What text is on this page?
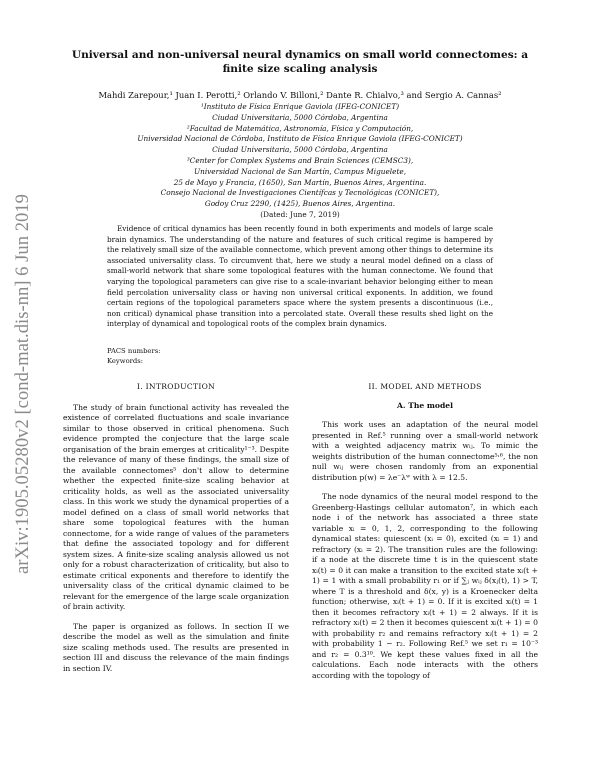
arXiv:1905.05280v2 [cond-mat.dis-nn] 6 Jun 2019
Universal and non-universal neural dynamics on small world connectomes: a finite size scaling analysis
Mahdi Zarepour,¹ Juan I. Perotti,² Orlando V. Billoni,² Dante R. Chialvo,³ and Sergio A. Cannas²
¹Instituto de Física Enrique Gaviola (IFEG-CONICET)
Ciudad Universitaria, 5000 Córdoba, Argentina
²Facultad de Matemática, Astronomía, Física y Computación,
Universidad Nacional de Córdoba, Instituto de Física Enrique Gaviola (IFEG-CONICET)
Ciudad Universitaria, 5000 Córdoba, Argentina
³Center for Complex Systems and Brain Sciences (CEMSC3),
Universidad Nacional de San Martín, Campus Miguelete,
25 de Mayo y Francia, (1650), San Martín, Buenos Aires, Argentina.
Consejo Nacional de Investigaciones Científcas y Tecnológicas (CONICET),
Godoy Cruz 2290, (1425), Buenos Aires, Argentina.
(Dated: June 7, 2019)
Evidence of critical dynamics has been recently found in both experiments and models of large scale brain dynamics. The understanding of the nature and features of such critical regime is hampered by the relatively small size of the available connectome, which prevent among other things to determine its associated universality class. To circumvent that, here we study a neural model defined on a class of small-world network that share some topological features with the human connectome. We found that varying the topological parameters can give rise to a scale-invariant behavior belonging either to mean field percolation universality class or having non universal critical exponents. In addition, we found certain regions of the topological parameters space where the system presents a discontinuous (i.e., non critical) dynamical phase transition into a percolated state. Overall these results shed light on the interplay of dynamical and topological roots of the complex brain dynamics.
PACS numbers:
Keywords:
I. INTRODUCTION

The study of brain functional activity has revealed the existence of correlated fluctuations and scale invariance similar to those observed in critical phenomena. Such evidence prompted the conjecture that the large scale organisation of the brain emerges at criticality¹⁻³. Despite the relevance of many of these findings, the small size of the available connectomes⁵ don't allow to determine whether the expected finite-size scaling behavior at criticality holds, as well as the associated universality class. In this work we study the dynamical properties of a model defined on a class of small world networks that share some topological features with the human connectome, for a wide range of values of the parameters that define the associated topology and for different system sizes. A finite-size scaling analysis allowed us not only for a robust characterization of criticality, but also to estimate critical exponents and therefore to identify the universality class of the critical dynamic claimed to be relevant for the emergence of the large scale organization of brain activity.

The paper is organized as follows. In section II we describe the model as well as the simulation and finite size scaling methods used. The results are presented in section III and discuss the relevance of the main findings in section IV.

II. MODEL AND METHODS
A. The model

This work uses an adaptation of the neural model presented in Ref.⁵ running over a small-world network with a weighted adjacency matrix wᵢⱼ. To mimic the weights distribution of the human connectome⁵˒⁶, the non null wᵢⱼ were chosen randomly from an exponential distribution p(w) = λe⁻λʷ with λ = 12.5.

The node dynamics of the neural model respond to the Greenberg-Hastings cellular automaton⁷, in which each node i of the network has associated a three state variable xᵢ = 0, 1, 2, corresponding to the following dynamical states: quiescent (xᵢ = 0), excited (xᵢ = 1) and refractory (xᵢ = 2). The transition rules are the following: if a node at the discrete time t is in the quiescent state xᵢ(t) = 0 it can make a transition to the excited state xᵢ(t + 1) = 1 with a small probability r₁ or if ∑ⱼ wᵢⱼ δ(xⱼ(t), 1) > T, where T is a threshold and δ(x, y) is a Kroenecker delta function; otherwise, xᵢ(t + 1) = 0. If it is excited xᵢ(t) = 1 then it becomes refractory xᵢ(t + 1) = 2 always. If it is refractory xᵢ(t) = 2 then it becomes quiescent xᵢ(t + 1) = 0 with probability r₂ and remains refractory xᵢ(t + 1) = 2 with probability 1 − r₂. Following Ref.⁵ we set r₁ = 10⁻³ and r₂ = 0.3¹⁰. We kept these values fixed in all the calculations. Each node interacts with the others according with the topology of
